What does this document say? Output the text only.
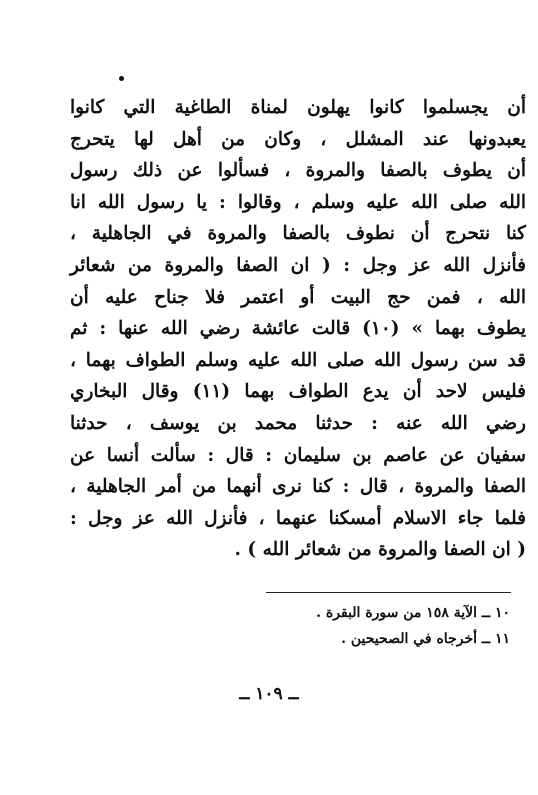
أن يجسلموا كانوا يهلون لمناة الطاغية التي كانوا
يعبدونها عند المشلل ، وكان من أهل لها يتحرج
أن يطوف بالصفا والمروة ، فسألوا عن ذلك رسول
الله صلى الله عليه وسلم ، وقالوا : يا رسول الله انا
كنا نتحرج أن نطوف بالصفا والمروة في الجاهلية ،
فأنزل الله عز وجل : ( ان الصفا والمروة من شعائر
الله ، فمن حج البيت أو اعتمر فلا جناح عليه أن
يطوف بهما » (١٠) قالت عائشة رضي الله عنها : ثم
قد سن رسول الله صلى الله عليه وسلم الطواف بهما ،
فليس لاحد أن يدع الطواف بهما (١١) وقال البخاري
رضي الله عنه : حدثنا محمد بن يوسف ، حدثنا
سفيان عن عاصم بن سليمان : قال : سألت أنسا عن
الصفا والمروة ، قال : كنا نرى أنهما من أمر الجاهلية ،
فلما جاء الاسلام أمسكنا عنهما ، فأنزل الله عز وجل :
( ان الصفا والمروة من شعائر الله ) .
١٠ ــ الآية ١٥٨ من سورة البقرة .
١١ ــ أخرجاه في الصحيحين .
ــ ١٠٩ ــ
